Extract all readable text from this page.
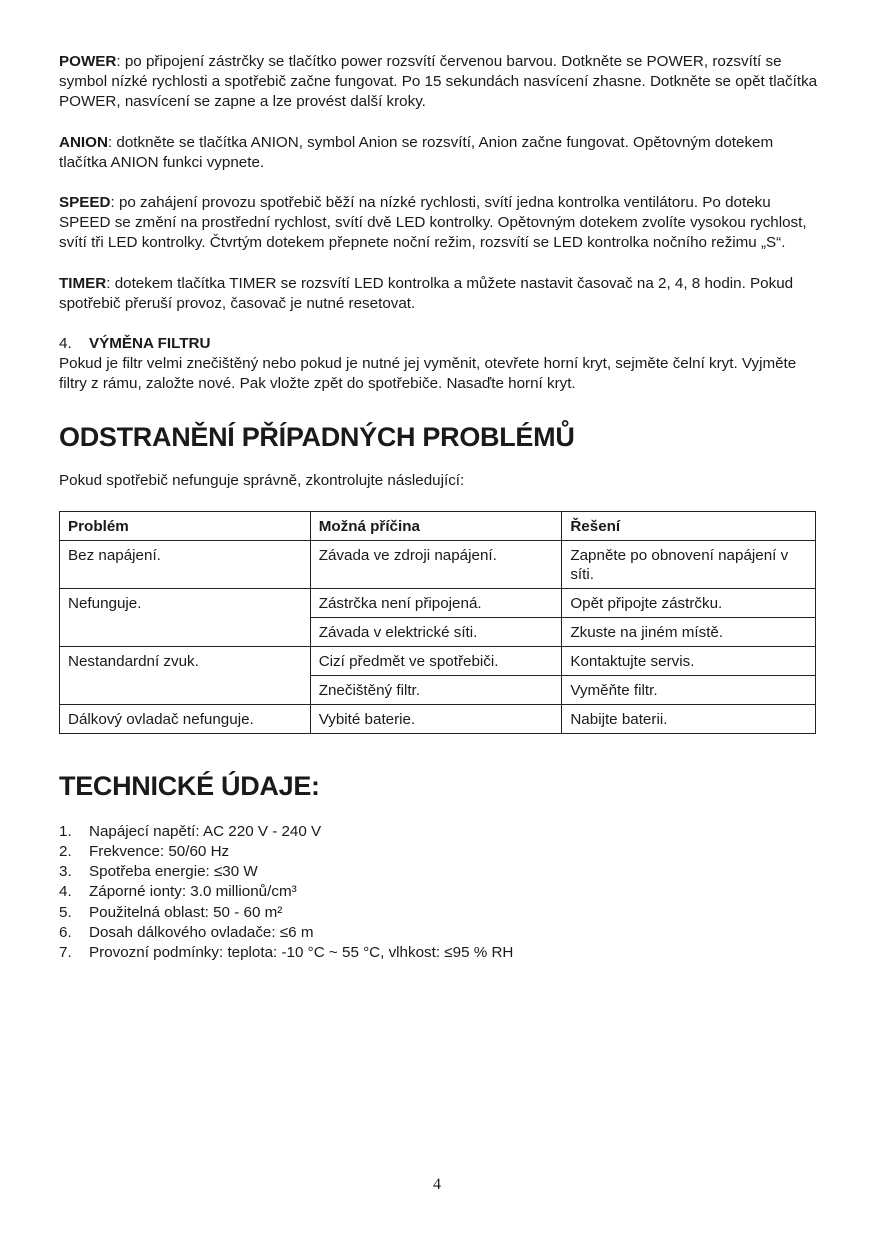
POWER: po připojení zástrčky se tlačítko power rozsvítí červenou barvou. Dotkněte se POWER, rozsvítí se symbol nízké rychlosti a spotřebič začne fungovat. Po 15 sekundách nasvícení zhasne. Dotkněte se opět tlačítka POWER, nasvícení se zapne a lze provést další kroky.

ANION: dotkněte se tlačítka ANION, symbol Anion se rozsvítí, Anion začne fungovat. Opětovným dotekem tlačítka ANION funkci vypnete.

SPEED: po zahájení provozu spotřebič běží na nízké rychlosti, svítí jedna kontrolka ventilátoru. Po doteku SPEED se změní na prostřední rychlost, svítí dvě LED kontrolky. Opětovným dotekem zvolíte vysokou rychlost, svítí tři LED kontrolky. Čtvrtým dotekem přepnete noční režim, rozsvítí se LED kontrolka nočního režimu „S“.

TIMER: dotekem tlačítka TIMER se rozsvítí LED kontrolka a můžete nastavit časovač na 2, 4, 8 hodin. Pokud spotřebič přeruší provoz, časovač je nutné resetovat.

4. VÝMĚNA FILTRU

Pokud je filtr velmi znečištěný nebo pokud je nutné jej vyměnit, otevřete horní kryt, sejměte čelní kryt. Vyjměte filtry z rámu, založte nové. Pak vložte zpět do spotřebiče. Nasaďte horní kryt.

ODSTRANĚNÍ PŘÍPADNÝCH PROBLÉMŮ

Pokud spotřebič nefunguje správně, zkontrolujte následující:

Problém	Možná příčina	Řešení
Bez napájení.	Závada ve zdroji napájení.	Zapněte po obnovení napájení v síti.
Nefunguje.	Zástrčka není připojená.	Opět připojte zástrčku.
	Závada v elektrické síti.	Zkuste na jiném místě.
Nestandardní zvuk.	Cizí předmět ve spotřebiči.	Kontaktujte servis.
	Znečištěný filtr.	Vyměňte filtr.
Dálkový ovladač nefunguje.	Vybité baterie.	Nabijte baterii.
TECHNICKÉ ÚDAJE:
1.	Napájecí napětí: AC 220 V - 240 V
2.	Frekvence: 50/60 Hz
3.	Spotřeba energie: ≤30 W
4.	Záporné ionty: 3.0 millionů/cm³
5.	Použitelná oblast: 50 - 60 m²
6.	Dosah dálkového ovladače: ≤6 m
7.	Provozní podmínky: teplota: -10 °C ~ 55 °C, vlhkost: ≤95 % RH
4
